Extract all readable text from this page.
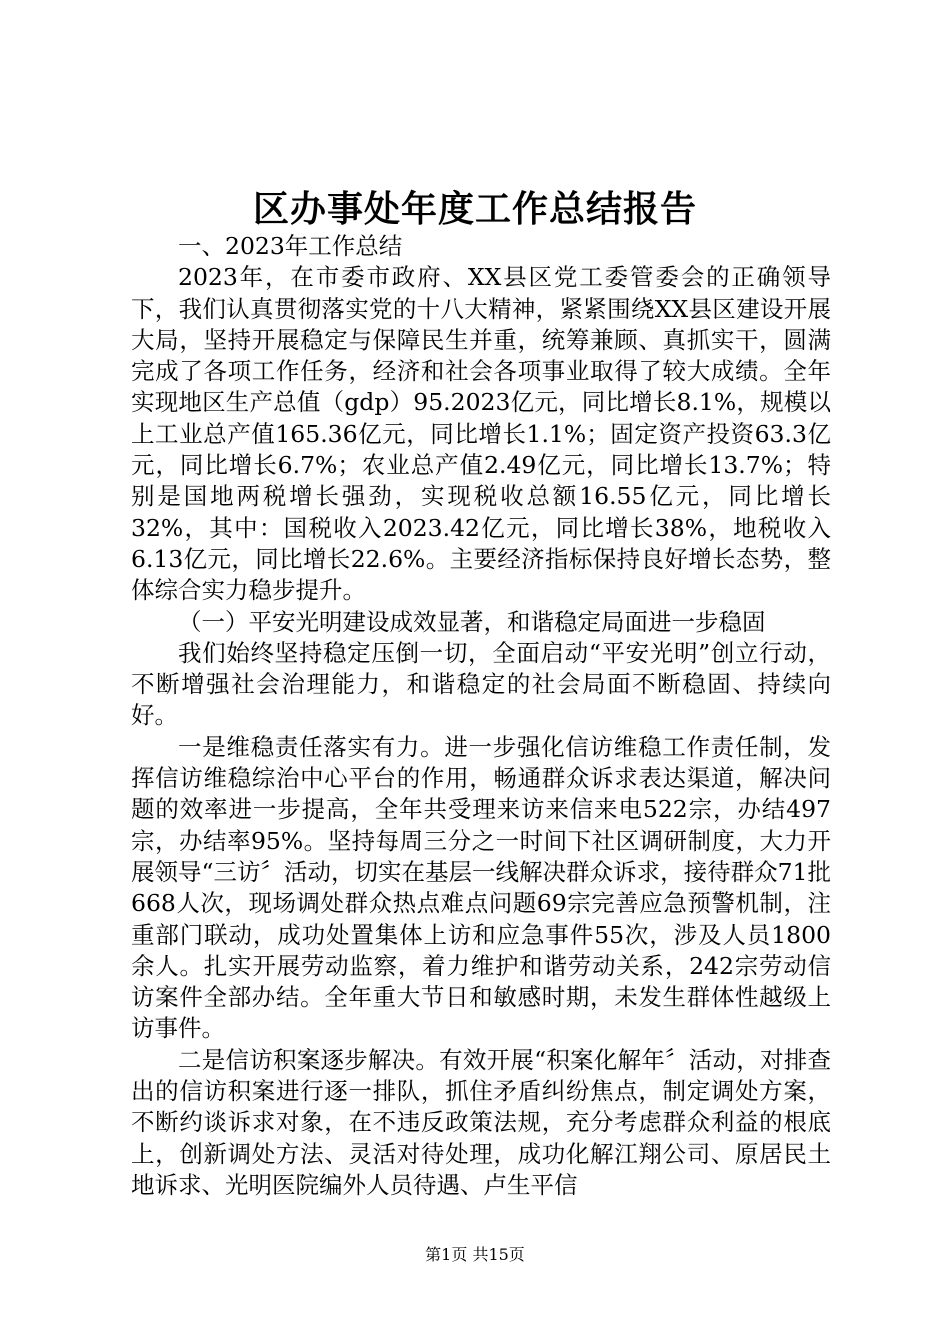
区办事处年度工作总结报告

一、2023年工作总结

2023年，在市委市政府、XX县区党工委管委会的正确领导下，我们认真贯彻落实党的十八大精神，紧紧围绕XX县区建设开展大局，坚持开展稳定与保障民生并重，统筹兼顾、真抓实干，圆满完成了各项工作任务，经济和社会各项事业取得了较大成绩。全年实现地区生产总值（gdp）95.2023亿元，同比增长8.1%，规模以上工业总产值165.36亿元，同比增长1.1%；固定资产投资63.3亿元，同比增长6.7%；农业总产值2.49亿元，同比增长13.7%；特别是国地两税增长强劲，实现税收总额16.55亿元，同比增长32%，其中：国税收入2023.42亿元，同比增长38%，地税收入6.13亿元，同比增长22.6%。主要经济指标保持良好增长态势，整体综合实力稳步提升。

（一）平安光明建设成效显著，和谐稳定局面进一步稳固

我们始终坚持稳定压倒一切，全面启动“平安光明”创立行动，不断增强社会治理能力，和谐稳定的社会局面不断稳固、持续向好。

一是维稳责任落实有力。进一步强化信访维稳工作责任制，发挥信访维稳综治中心平台的作用，畅通群众诉求表达渠道，解决问题的效率进一步提高，全年共受理来访来信来电522宗，办结497宗，办结率95%。坚持每周三分之一时间下社区调研制度，大力开展领导“三访〞活动，切实在基层一线解决群众诉求，接待群众71批668人次，现场调处群众热点难点问题69宗完善应急预警机制，注重部门联动，成功处置集体上访和应急事件55次，涉及人员1800余人。扎实开展劳动监察，着力维护和谐劳动关系，242宗劳动信访案件全部办结。全年重大节日和敏感时期，未发生群体性越级上访事件。

二是信访积案逐步解决。有效开展“积案化解年〞活动，对排查出的信访积案进行逐一排队，抓住矛盾纠纷焦点，制定调处方案，不断约谈诉求对象，在不违反政策法规，充分考虑群众利益的根底上，创新调处方法、灵活对待处理，成功化解江翔公司、原居民土地诉求、光明医院编外人员待遇、卢生平信

第1页 共15页
